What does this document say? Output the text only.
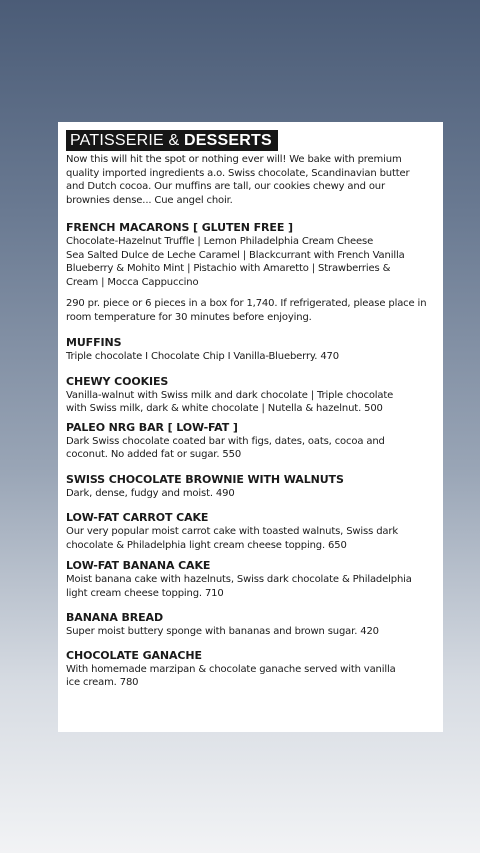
PATISSERIE & DESSERTS

Now this will hit the spot or nothing ever will! We bake with premium
quality imported ingredients a.o. Swiss chocolate, Scandinavian butter
and Dutch cocoa. Our muffins are tall, our cookies chewy and our
brownies dense... Cue angel choir.

FRENCH MACARONS [ GLUTEN FREE ]

Chocolate-Hazelnut Truffle | Lemon Philadelphia Cream Cheese
Sea Salted Dulce de Leche Caramel | Blackcurrant with French Vanilla
Blueberry & Mohito Mint | Pistachio with Amaretto | Strawberries &
Cream | Mocca Cappuccino

290 pr. piece or 6 pieces in a box for 1,740. If refrigerated, please place in
room temperature for 30 minutes before enjoying.

MUFFINS

Triple chocolate I Chocolate Chip I Vanilla-Blueberry. 470

CHEWY COOKIES

Vanilla-walnut with Swiss milk and dark chocolate | Triple chocolate
with Swiss milk, dark & white chocolate | Nutella & hazelnut. 500

PALEO NRG BAR [ LOW-FAT ]

Dark Swiss chocolate coated bar with figs, dates, oats, cocoa and
coconut. No added fat or sugar. 550

SWISS CHOCOLATE BROWNIE WITH WALNUTS

Dark, dense, fudgy and moist. 490

LOW-FAT CARROT CAKE

Our very popular moist carrot cake with toasted walnuts, Swiss dark
chocolate & Philadelphia light cream cheese topping. 650

LOW-FAT BANANA CAKE

Moist banana cake with hazelnuts, Swiss dark chocolate & Philadelphia
light cream cheese topping. 710

BANANA BREAD

Super moist buttery sponge with bananas and brown sugar. 420

CHOCOLATE GANACHE

With homemade marzipan & chocolate ganache served with vanilla
ice cream. 780
